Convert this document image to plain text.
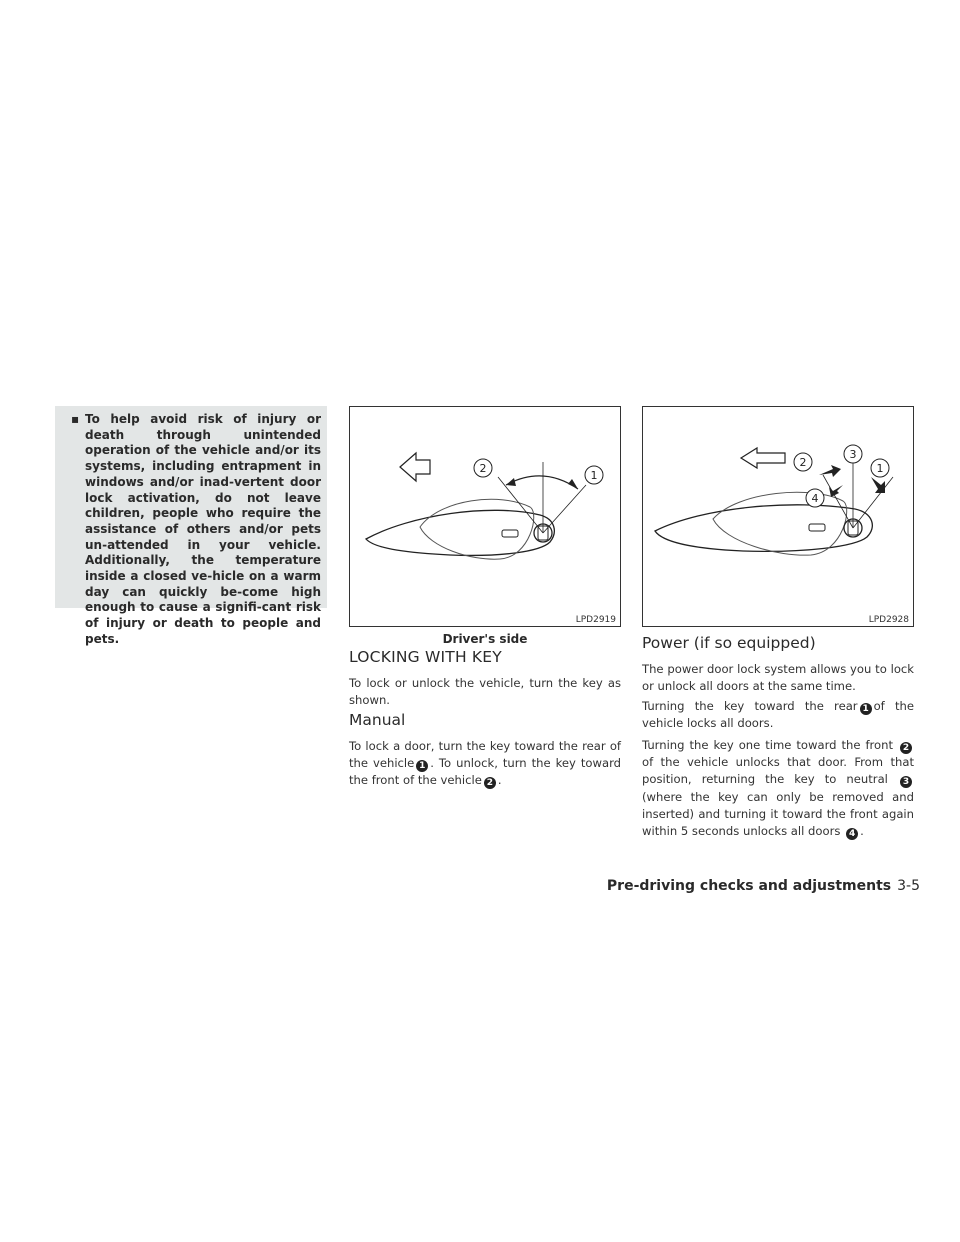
▪ To help avoid risk of injury or death through unintended operation of the vehicle and/or its systems, including entrapment in windows and/or inad-vertent door lock activation, do not leave children, people who require the assistance of others and/or pets un-attended in your vehicle. Additionally, the temperature inside a closed ve-hicle on a warm day can quickly be-come high enough to cause a signifi-cant risk of injury or death to people and pets.
2
1
LPD2919
Driver's side
2
3
1
4
LPD2928
LOCKING WITH KEY

To lock or unlock the vehicle, turn the key as shown.

Manual

To lock a door, turn the key toward the rear of the vehicle 1 . To unlock, turn the key toward the front of the vehicle 2 .

Power (if so equipped)

The power door lock system allows you to lock or unlock all doors at the same time.

Turning the key toward the rear 1 of the vehicle locks all doors.

Turning the key one time toward the front 2of the vehicle unlocks that door. From that position, returning the key to neutral 3(where the key can only be removed and inserted) and turning it toward the front again within 5 seconds unlocks all doors 4 .

Pre-driving checks and adjustments 3-5
